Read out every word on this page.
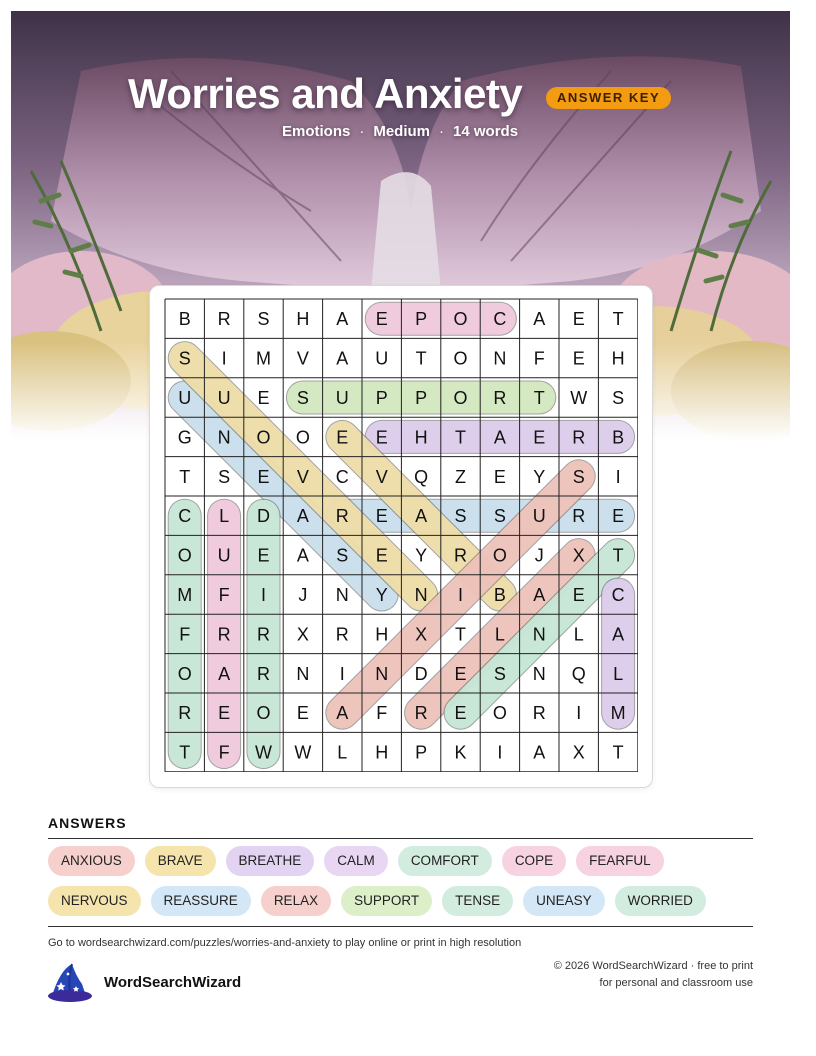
Worries and Anxiety	ANSWER KEY
Emotions · Medium · 14 words
B R S H A E P O C A E T
S I M V A U T O N F E H
U U E S U P P O R T W S
G N O O E E H T A E R B
T S E V C V Q Z E Y S I
C L D A R E A S S U R E
O U E A S E Y R O J X T
M F I J N Y N I B A E C
F R R X R H X T L N L A
O A R N I N D E S N Q L
R E O E A F R E O R I M
T F W W L H P K I A X T
ANSWERS
ANXIOUS	BRAVE	BREATHE	CALM	COMFORT	COPE	FEARFUL
NERVOUS	REASSURE	RELAX	SUPPORT	TENSE	UNEASY	WORRIED
Go to wordsearchwizard.com/puzzles/worries-and-anxiety to play online or print in high resolution
WordSearchWizard
© 2026 WordSearchWizard · free to print for personal and classroom use
